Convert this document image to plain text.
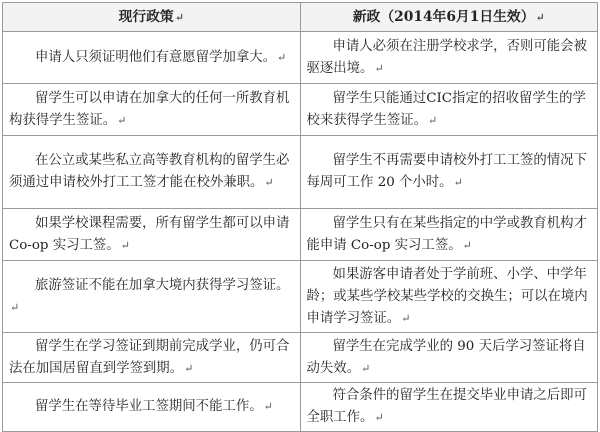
现行政策↵	新政（2014年6月1日生效）↵

申请人只须证明他们有意愿留学加拿大。↵	申请人必须在注册学校求学，否则可能会被驱逐出境。↵

留学生可以申请在加拿大的任何一所教育机构获得学生签证。↵	留学生只能通过CIC指定的招收留学生的学校来获得学生签证。↵

在公立或某些私立高等教育机构的留学生必须通过申请校外打工工签才能在校外兼职。↵	留学生不再需要申请校外打工工签的情况下每周可工作 20 个小时。↵

如果学校课程需要，所有留学生都可以申请 Co-op 实习工签。↵	留学生只有在某些指定的中学或教育机构才能申请 Co-op 实习工签。↵

旅游签证不能在加拿大境内获得学习签证。↵	如果游客申请者处于学前班、小学、中学年龄；或某些学校某些学校的交换生；可以在境内申请学习签证。↵

留学生在学习签证到期前完成学业，仍可合法在加国居留直到学签到期。↵	留学生在完成学业的 90 天后学习签证将自动失效。↵

留学生在等待毕业工签期间不能工作。↵	符合条件的留学生在提交毕业申请之后即可全职工作。↵
